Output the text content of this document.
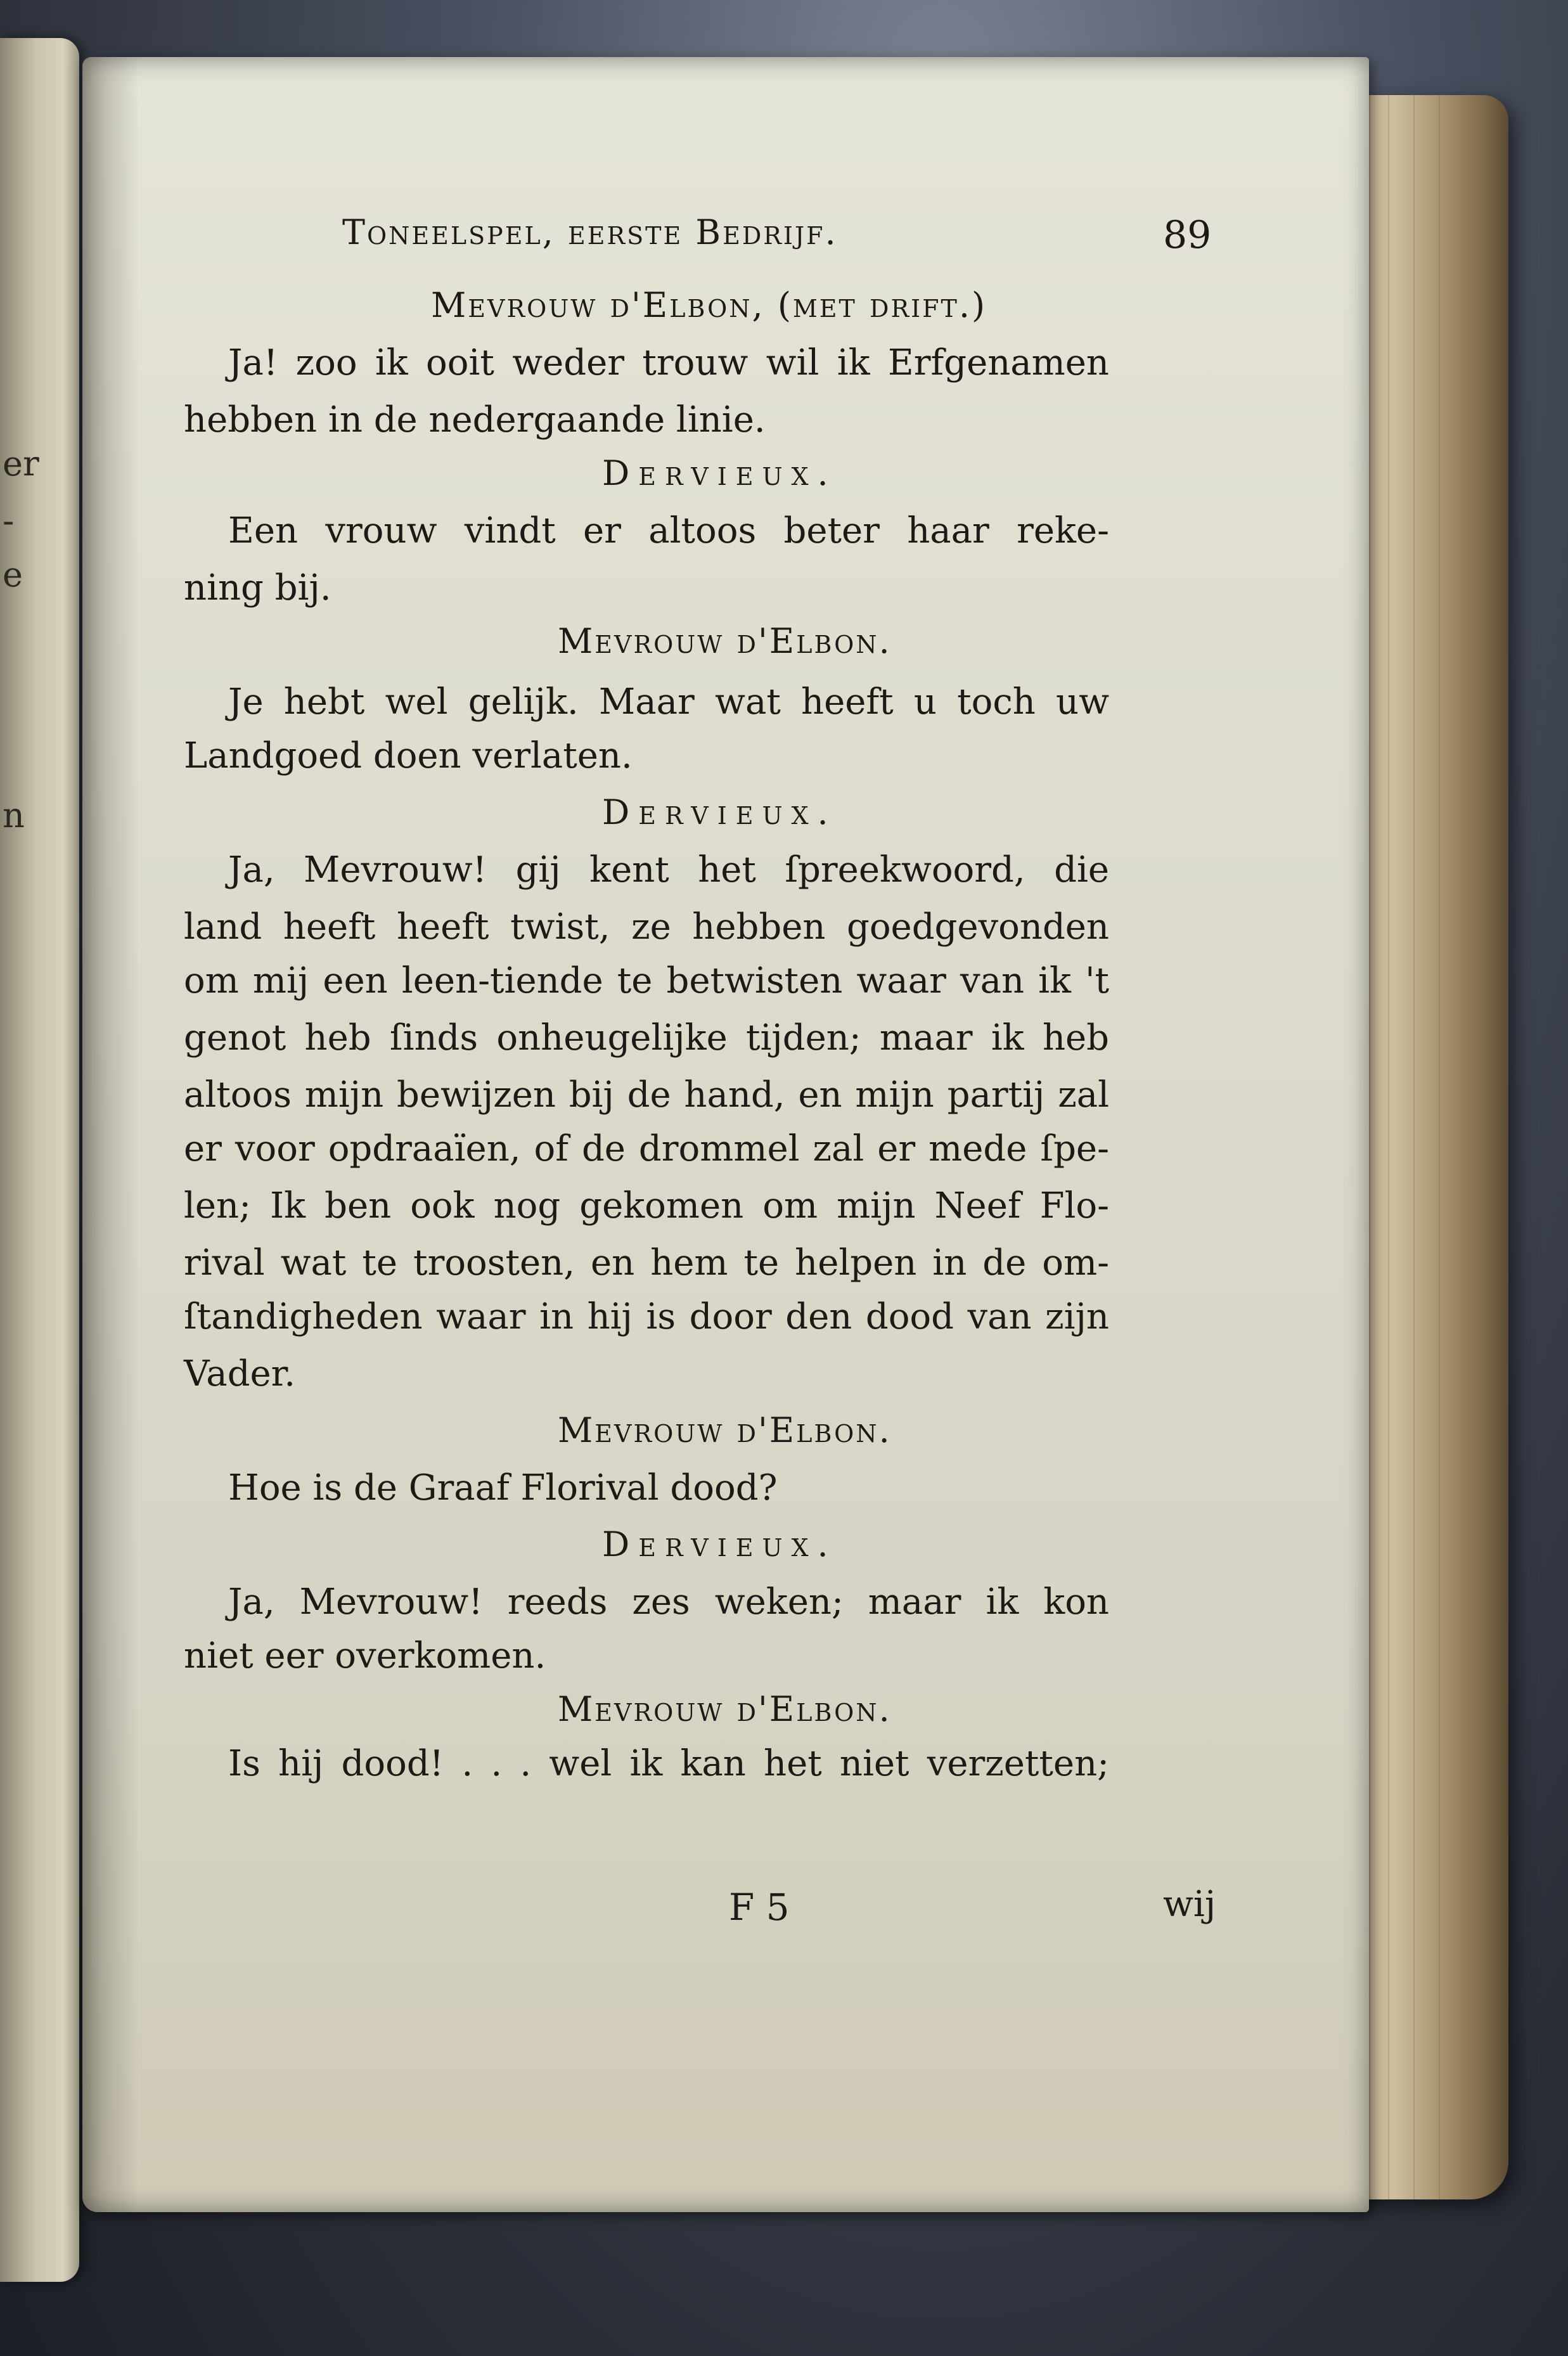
er
-
e
n
Toneelspel, eerste Bedrijf.	89
Mevrouw d'Elbon, (met drift.)
Ja! zoo ik ooit weder trouw wil ik Erfgenamen
hebben in de nedergaande linie.
Dervieux.
Een vrouw vindt er altoos beter haar reke-
ning bij.
Mevrouw d'Elbon.
Je hebt wel gelijk. Maar wat heeft u toch uw
Landgoed doen verlaten.
Dervieux.
Ja, Mevrouw! gij kent het ſpreekwoord, die
land heeft heeft twist, ze hebben goedgevonden
om mij een leen-tiende te betwisten waar van ik 't
genot heb ſinds onheugelijke tijden; maar ik heb
altoos mijn bewijzen bij de hand, en mijn partij zal
er voor opdraaïen, of de drommel zal er mede ſpe-
len; Ik ben ook nog gekomen om mijn Neef Flo-
rival wat te troosten, en hem te helpen in de om-
ſtandigheden waar in hij is door den dood van zijn
Vader.
Mevrouw d'Elbon.
Hoe is de Graaf Florival dood?
Dervieux.
Ja, Mevrouw! reeds zes weken; maar ik kon
niet eer overkomen.
Mevrouw d'Elbon.
Is hij dood! . . . wel ik kan het niet verzetten;
F 5	wij
